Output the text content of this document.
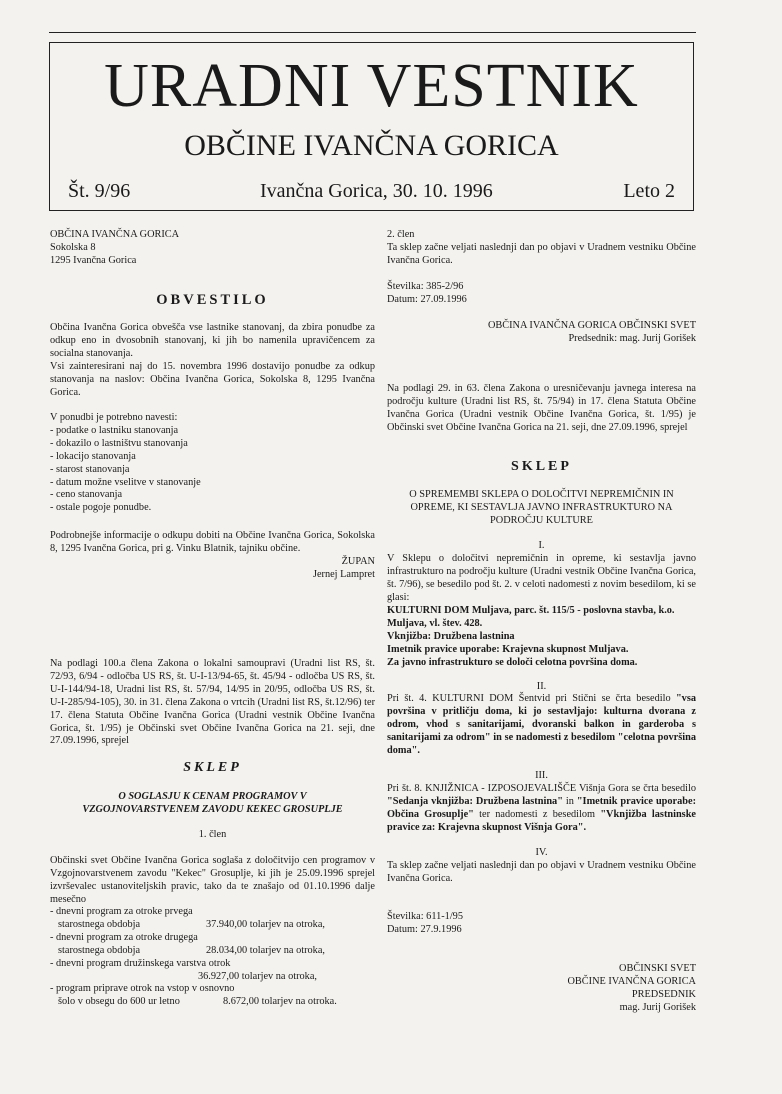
URADNI VESTNIK
OBČINE IVANČNA GORICA
Št. 9/96	Ivančna Gorica, 30. 10. 1996	Leto 2

OBČINA IVANČNA GORICA

Sokolska 8

1295 Ivančna Gorica

OBVESTILO

Občina Ivančna Gorica obvešča vse lastnike stanovanj, da zbira ponudbe za odkup eno in dvosobnih stanovanj, ki jih bo namenila upravičencem za socialna stanovanja.

Vsi zainteresirani naj do 15. novembra 1996 dostavijo ponudbe za odkup stanovanja na naslov: Občina Ivančna Gorica, Sokolska 8, 1295 Ivančna Gorica.

V ponudbi je potrebno navesti:

- podatke o lastniku stanovanja

- dokazilo o lastništvu stanovanja

- lokacijo stanovanja

- starost stanovanja

- datum možne vselitve v stanovanje

- ceno stanovanja

- ostale pogoje ponudbe.

Podrobnejše informacije o odkupu dobiti na Občine Ivančna Gorica, Sokolska 8, 1295 Ivančna Gorica, pri g. Vinku Blatnik, tajniku občine.

ŽUPAN

Jernej Lampret

Na podlagi 100.a člena Zakona o lokalni samoupravi (Uradni list RS, št. 72/93, 6/94 - odločba US RS, št. U-I-13/94-65, št. 45/94 - odločba US RS, št. U-I-144/94-18, Uradni list RS, št. 57/94, 14/95 in 20/95, odločba US RS, št. U-I-285/94-105), 30. in 31. člena Zakona o vrtcih (Uradni list RS, št.12/96) ter 17. člena Statuta Občine Ivančna Gorica (Uradni vestnik Občine Ivančna Gorica, št. 1/95) je Občinski svet Občine Ivančna Gorica na 21. seji, dne 27.09.1996, sprejel
SKLEP
O SOGLASJU K CENAM PROGRAMOV V VZGOJNOVARSTVENEM ZAVODU KEKEC GROSUPLJE
1. člen
Občinski svet Občine Ivančna Gorica soglaša z določitvijo cen programov v Vzgojnovarstvenem zavodu "Kekec" Grosuplje, ki jih je 25.09.1996 sprejel izvrševalec ustanoviteljskih pravic, tako da te znašajo od 01.10.1996 dalje mesečno

- dnevni program za otroke prvega

starostnega obdobja	37.940,00 tolarjev na otroka,

- dnevni program za otroke drugega

starostnega obdobja	28.034,00 tolarjev na otroka,

- dnevni program družinskega varstva otrok

36.927,00 tolarjev na otroka,

- program priprave otrok na vstop v osnovno

šolo v obsegu do 600 ur letno	8.672,00 tolarjev na otroka.

2. člen

Ta sklep začne veljati naslednji dan po objavi v Uradnem vestniku Občine Ivančna Gorica.

Številka: 385-2/96

Datum: 27.09.1996

OBČINA IVANČNA GORICA OBČINSKI SVET

Predsednik: mag. Jurij Gorišek

Na podlagi 29. in 63. člena Zakona o uresničevanju javnega interesa na področju kulture (Uradni list RS, št. 75/94) in 17. člena Statuta Občine Ivančna Gorica (Uradni vestnik Občine Ivančna Gorica, št. 1/95) je Občinski svet Občine Ivančna Gorica na 21. seji, dne 27.09.1996, sprejel
SKLEP
O SPREMEMBI SKLEPA O DOLOČITVI NEPREMIČNIN IN OPREME, KI SESTAVLJA JAVNO INFRASTRUKTURO NA PODROČJU KULTURE
I.
V Sklepu o določitvi nepremičnin in opreme, ki sestavlja javno infrastrukturo na področju kulture (Uradni vestnik Občine Ivančna Gorica, št. 7/96), se besedilo pod št. 2. v celoti nadomesti z novim besedilom, ki se glasi:

KULTURNI DOM Muljava, parc. št. 115/5 - poslovna stavba, k.o. Muljava, vl. štev. 428.

Vknjižba: Družbena lastnina

Imetnik pravice uporabe: Krajevna skupnost Muljava.

Za javno infrastrukturo se določi celotna površina doma.

II.
Pri št. 4. KULTURNI DOM Šentvid pri Stični se črta besedilo "vsa površina v pritličju doma, ki jo sestavljajo: kulturna dvorana z odrom, vhod s sanitarijami, dvoranski balkon in garderoba s sanitarijami za odrom" in se nadomesti z besedilom "celotna površina doma".
III.
Pri št. 8. KNJIŽNICA - IZPOSOJEVALIŠČE Višnja Gora se črta besedilo "Sedanja vknjižba: Družbena lastnina" in "Imetnik pravice uporabe: Občina Grosuplje" ter nadomesti z besedilom "Vknjižba lastninske pravice za: Krajevna skupnost Višnja Gora".
IV.
Ta sklep začne veljati naslednji dan po objavi v Uradnem vestniku Občine Ivančna Gorica.

Številka: 611-1/95

Datum: 27.9.1996

OBČINSKI SVET

OBČINE IVANČNA GORICA

PREDSEDNIK

mag. Jurij Gorišek
